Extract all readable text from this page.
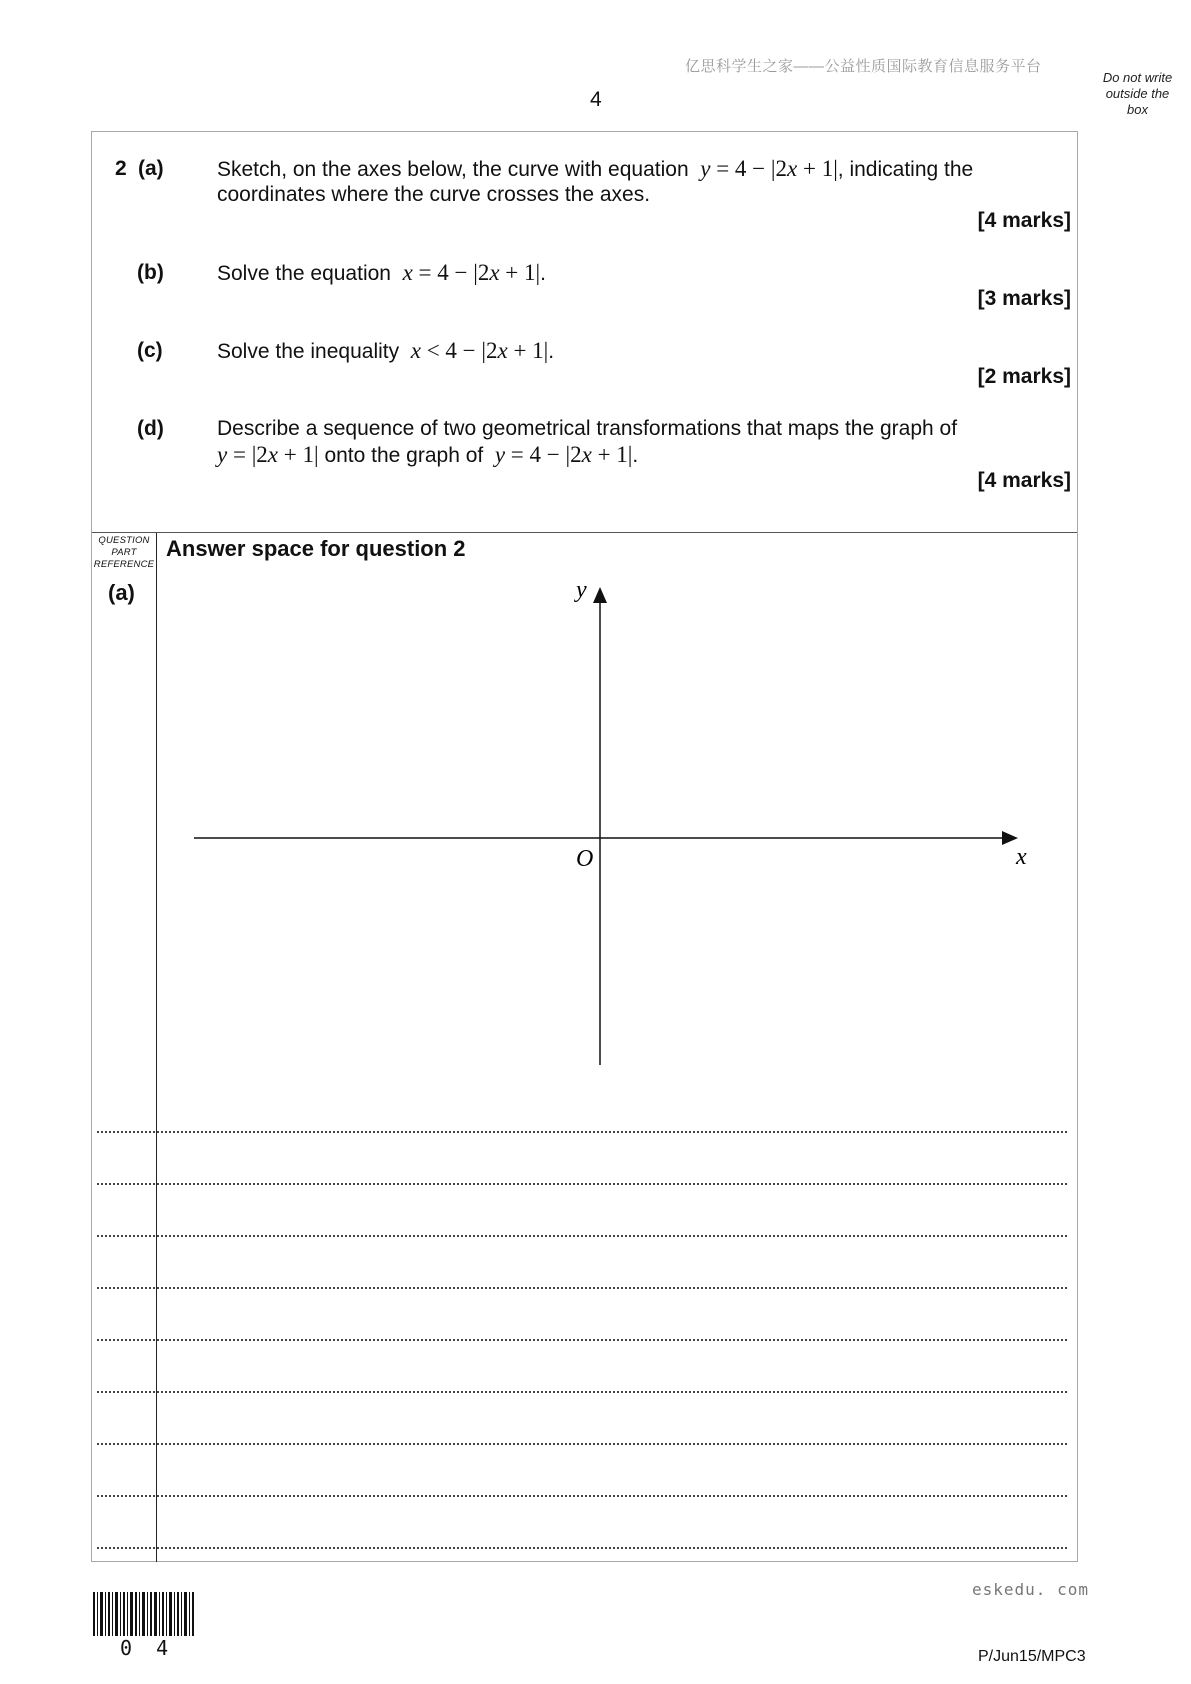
亿思科学生之家——公益性质国际教育信息服务平台
4
Do not write
outside the
box
2 (a)	Sketch, on the axes below, the curve with equation y = 4 − |2x + 1|, indicating the
coordinates where the curve crosses the axes.
[4 marks]
(b)	Solve the equation x = 4 − |2x + 1|.
[3 marks]
(c)	Solve the inequality x < 4 − |2x + 1|.
[2 marks]
(d)	Describe a sequence of two geometrical transformations that maps the graph of
y = |2x + 1| onto the graph of y = 4 − |2x + 1|.
[4 marks]
QUESTION PART REFERENCE
Answer space for question 2
(a)	y
x
O
eskedu. com
0 4	P/Jun15/MPC3
